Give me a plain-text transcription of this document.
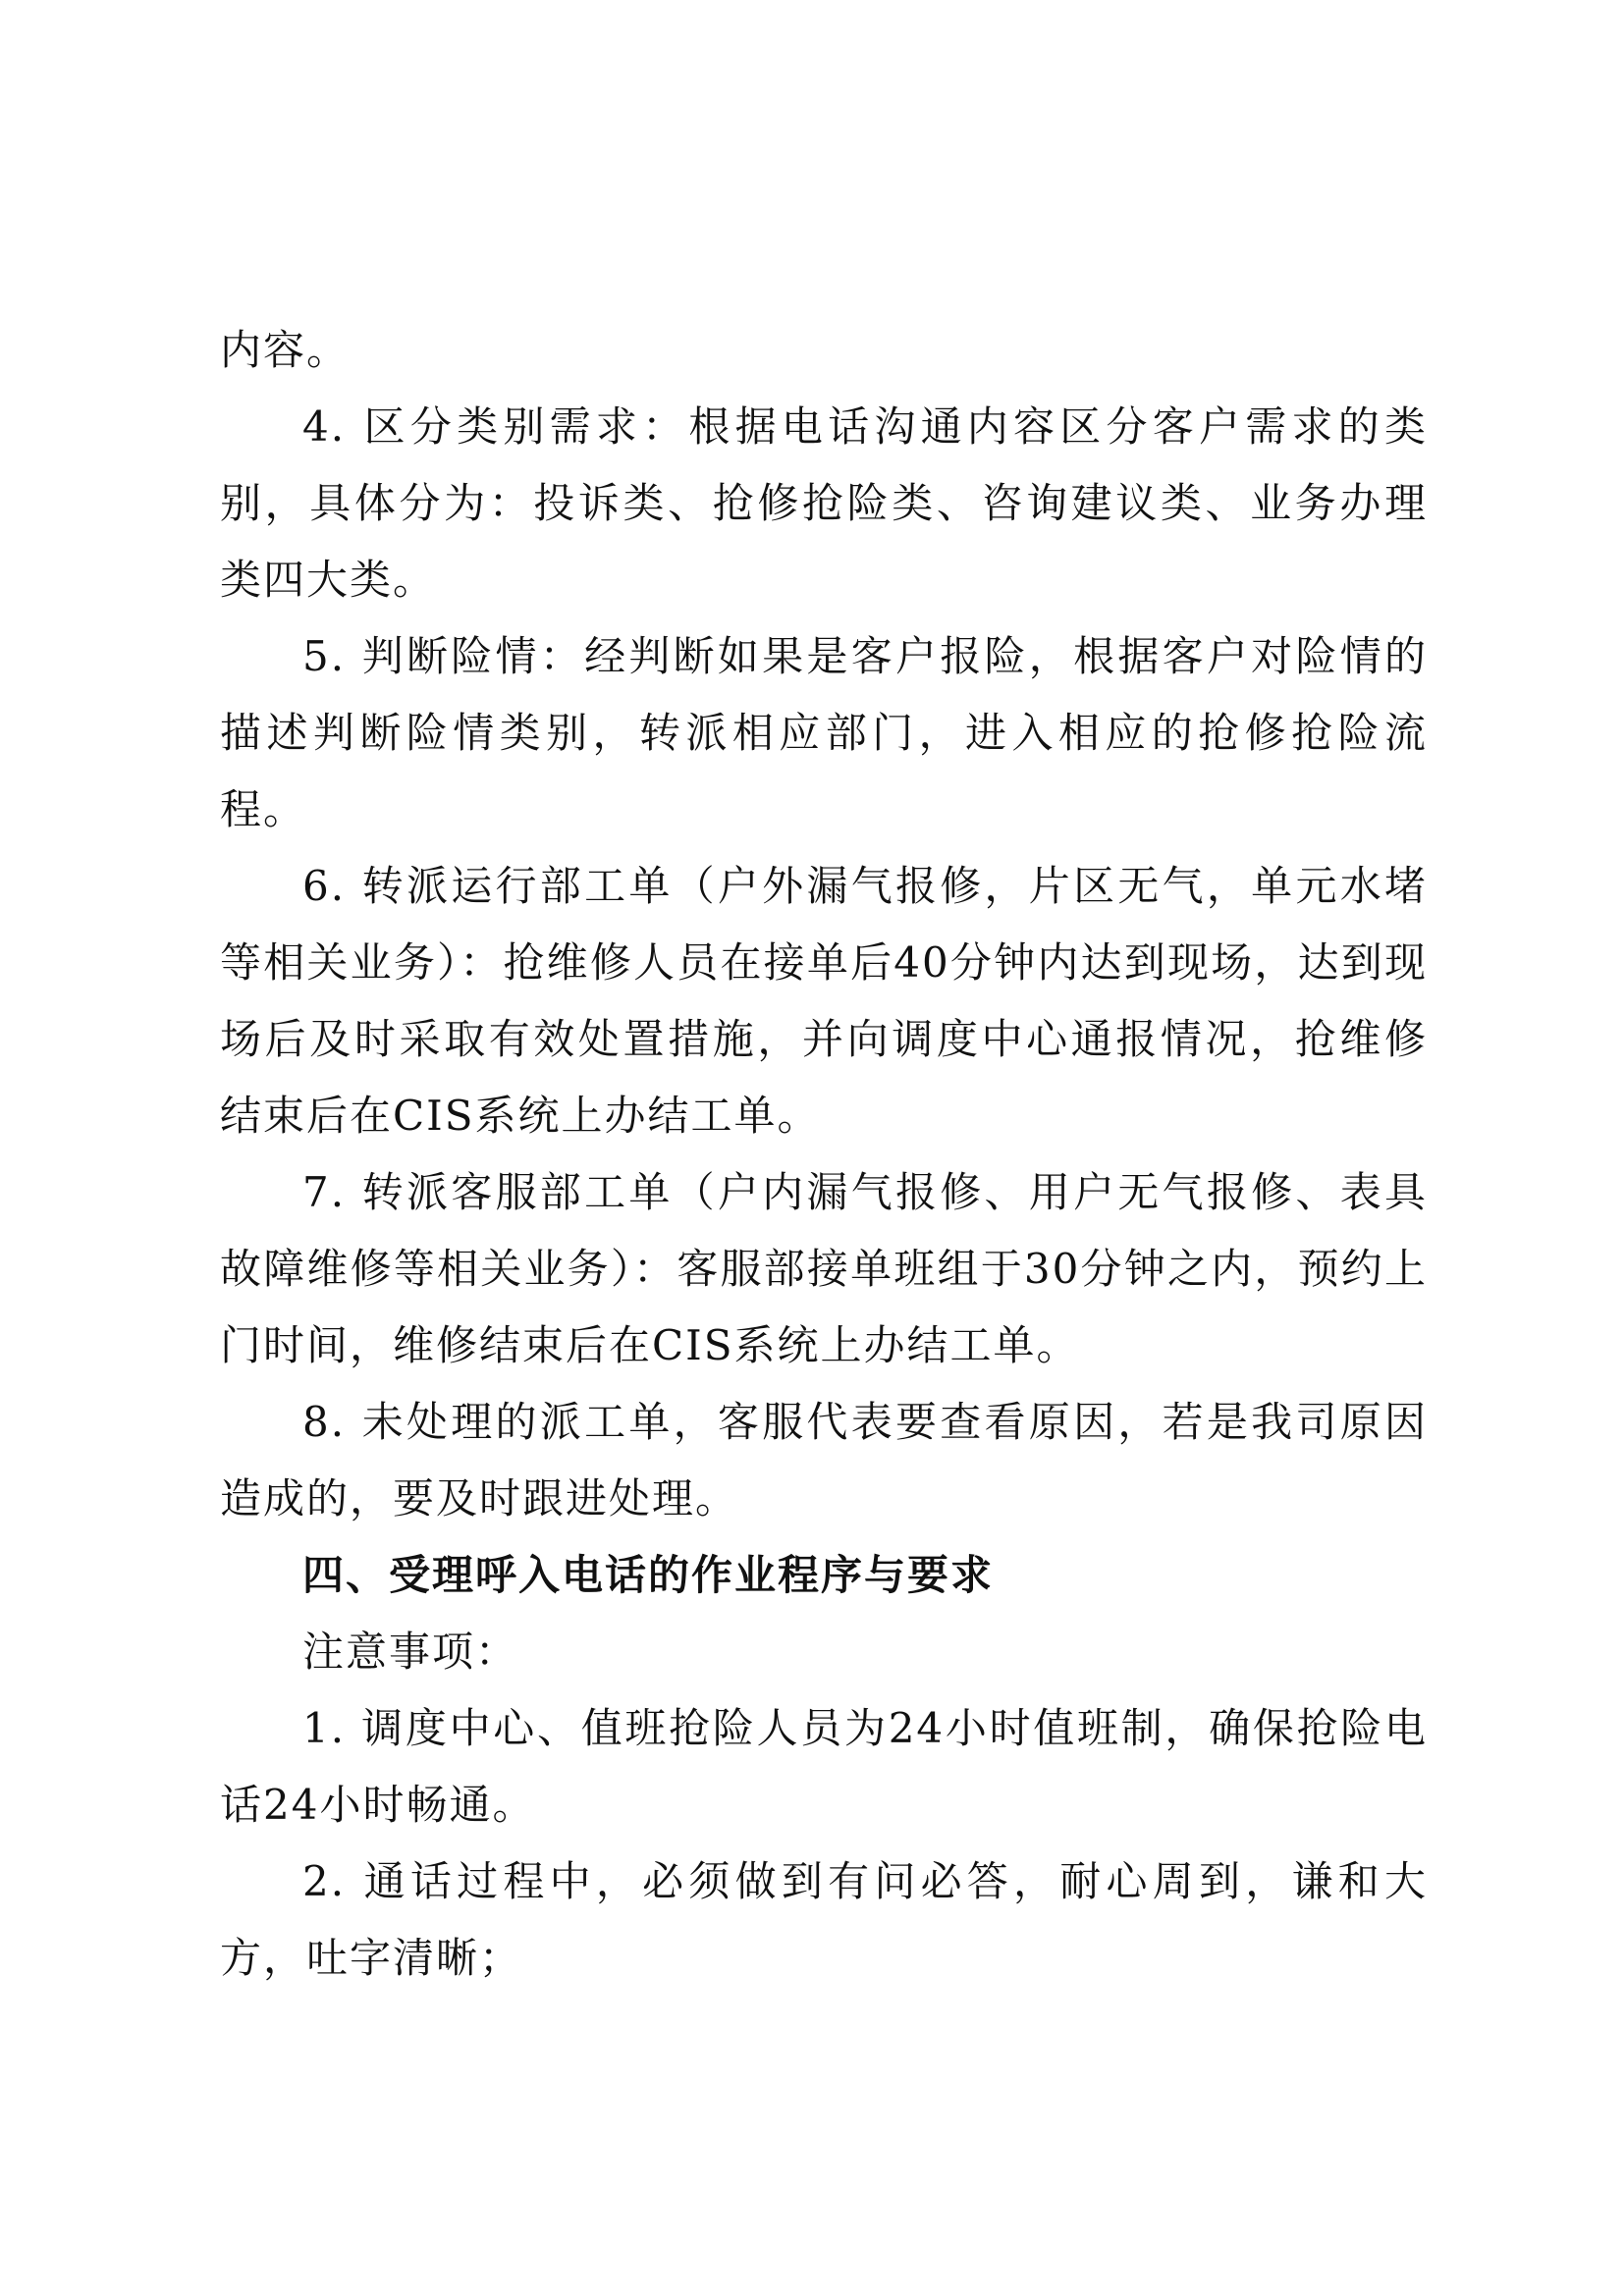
内容。

4. 区分类别需求：根据电话沟通内容区分客户需求的类别，具体分为：投诉类、抢修抢险类、咨询建议类、业务办理类四大类。

5. 判断险情：经判断如果是客户报险，根据客户对险情的描述判断险情类别，转派相应部门，进入相应的抢修抢险流程。

6. 转派运行部工单（户外漏气报修，片区无气，单元水堵等相关业务）：抢维修人员在接单后40分钟内达到现场，达到现场后及时采取有效处置措施，并向调度中心通报情况，抢维修结束后在CIS系统上办结工单。

7. 转派客服部工单（户内漏气报修、用户无气报修、表具故障维修等相关业务）：客服部接单班组于30分钟之内，预约上门时间，维修结束后在CIS系统上办结工单。

8. 未处理的派工单，客服代表要查看原因，若是我司原因造成的，要及时跟进处理。

四、受理呼入电话的作业程序与要求

注意事项：

1. 调度中心、值班抢险人员为24小时值班制，确保抢险电话24小时畅通。

2. 通话过程中，必须做到有问必答，耐心周到，谦和大方，吐字清晰；
